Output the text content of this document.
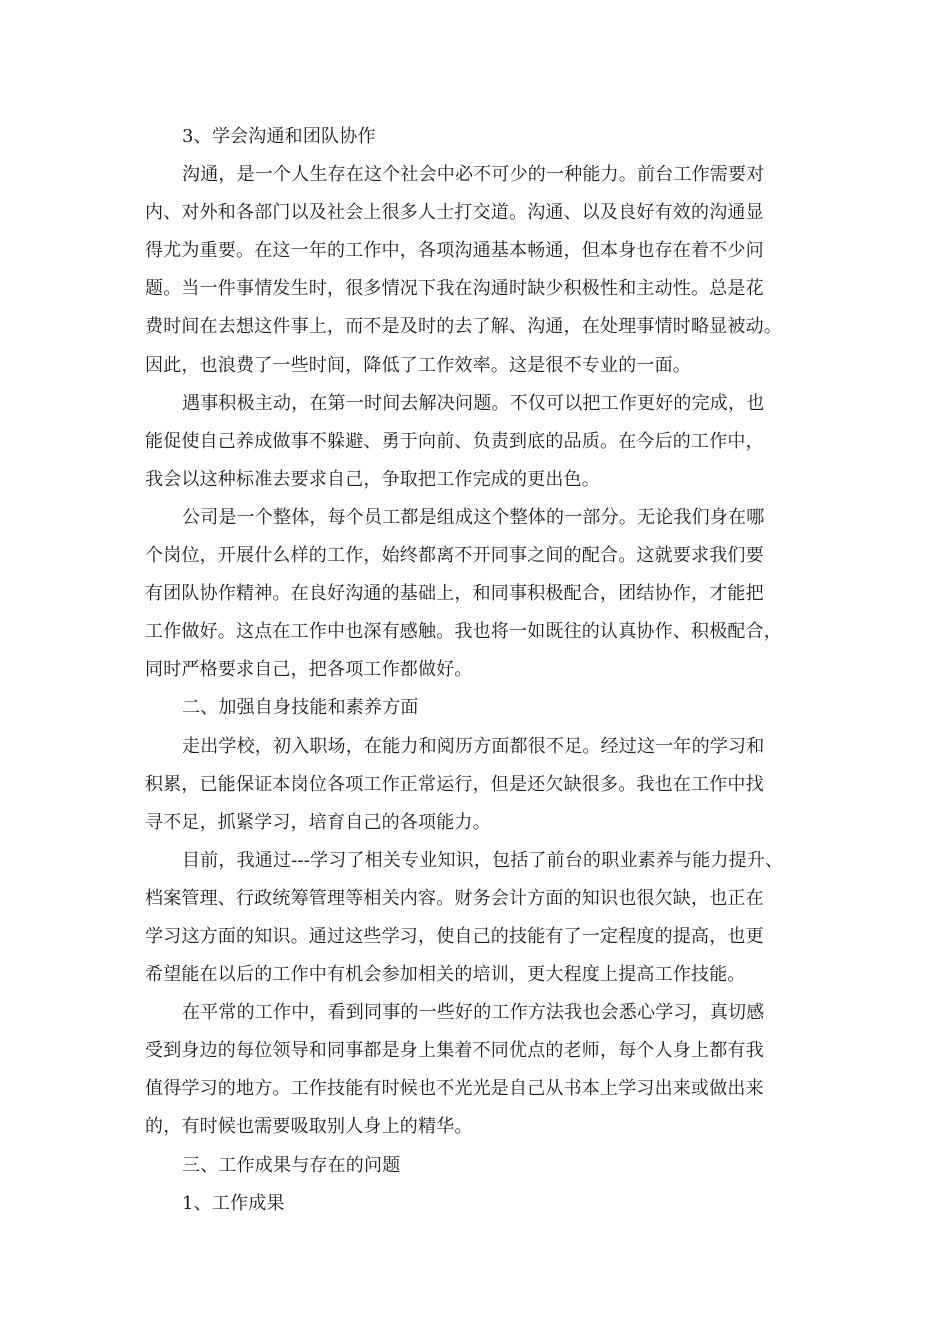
3、学会沟通和团队协作
沟通，是一个人生存在这个社会中必不可少的一种能力。前台工作需要对
内、对外和各部门以及社会上很多人士打交道。沟通、以及良好有效的沟通显
得尤为重要。在这一年的工作中，各项沟通基本畅通，但本身也存在着不少问
题。当一件事情发生时，很多情况下我在沟通时缺少积极性和主动性。总是花
费时间在去想这件事上，而不是及时的去了解、沟通，在处理事情时略显被动。
因此，也浪费了一些时间，降低了工作效率。这是很不专业的一面。
遇事积极主动，在第一时间去解决问题。不仅可以把工作更好的完成，也
能促使自己养成做事不躲避、勇于向前、负责到底的品质。在今后的工作中，
我会以这种标准去要求自己，争取把工作完成的更出色。
公司是一个整体，每个员工都是组成这个整体的一部分。无论我们身在哪
个岗位，开展什么样的工作，始终都离不开同事之间的配合。这就要求我们要
有团队协作精神。在良好沟通的基础上，和同事积极配合，团结协作，才能把
工作做好。这点在工作中也深有感触。我也将一如既往的认真协作、积极配合，
同时严格要求自己，把各项工作都做好。
二、加强自身技能和素养方面
走出学校，初入职场，在能力和阅历方面都很不足。经过这一年的学习和
积累，已能保证本岗位各项工作正常运行，但是还欠缺很多。我也在工作中找
寻不足，抓紧学习，培育自己的各项能力。
目前，我通过---学习了相关专业知识，包括了前台的职业素养与能力提升、
档案管理、行政统筹管理等相关内容。财务会计方面的知识也很欠缺，也正在
学习这方面的知识。通过这些学习，使自己的技能有了一定程度的提高，也更
希望能在以后的工作中有机会参加相关的培训，更大程度上提高工作技能。
在平常的工作中，看到同事的一些好的工作方法我也会悉心学习，真切感
受到身边的每位领导和同事都是身上集着不同优点的老师，每个人身上都有我
值得学习的地方。工作技能有时候也不光光是自己从书本上学习出来或做出来
的，有时候也需要吸取别人身上的精华。
三、工作成果与存在的问题
1、工作成果
